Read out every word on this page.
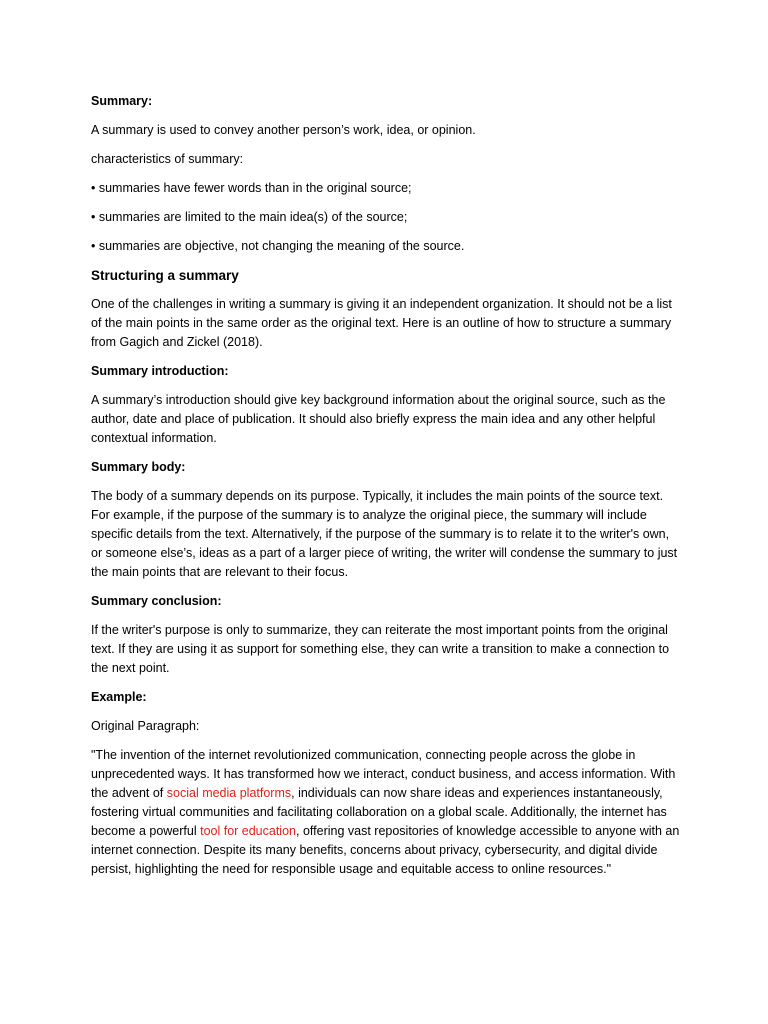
Summary:

A summary is used to convey another person’s work, idea, or opinion.

characteristics of summary:

• summaries have fewer words than in the original source;

• summaries are limited to the main idea(s) of the source;

• summaries are objective, not changing the meaning of the source.

Structuring a summary

One of the challenges in writing a summary is giving it an independent organization. It should not be a list of the main points in the same order as the original text. Here is an outline of how to structure a summary from Gagich and Zickel (2018).

Summary introduction:

A summary’s introduction should give key background information about the original source, such as the author, date and place of publication. It should also briefly express the main idea and any other helpful contextual information.

Summary body:

The body of a summary depends on its purpose. Typically, it includes the main points of the source text. For example, if the purpose of the summary is to analyze the original piece, the summary will include specific details from the text. Alternatively, if the purpose of the summary is to relate it to the writer's own, or someone else’s, ideas as a part of a larger piece of writing, the writer will condense the summary to just the main points that are relevant to their focus.

Summary conclusion:

If the writer's purpose is only to summarize, they can reiterate the most important points from the original text. If they are using it as support for something else, they can write a transition to make a connection to the next point.

Example:

Original Paragraph:

"The invention of the internet revolutionized communication, connecting people across the globe in unprecedented ways. It has transformed how we interact, conduct business, and access information. With the advent of social media platforms, individuals can now share ideas and experiences instantaneously, fostering virtual communities and facilitating collaboration on a global scale. Additionally, the internet has become a powerful tool for education, offering vast repositories of knowledge accessible to anyone with an internet connection. Despite its many benefits, concerns about privacy, cybersecurity, and digital divide persist, highlighting the need for responsible usage and equitable access to online resources."
